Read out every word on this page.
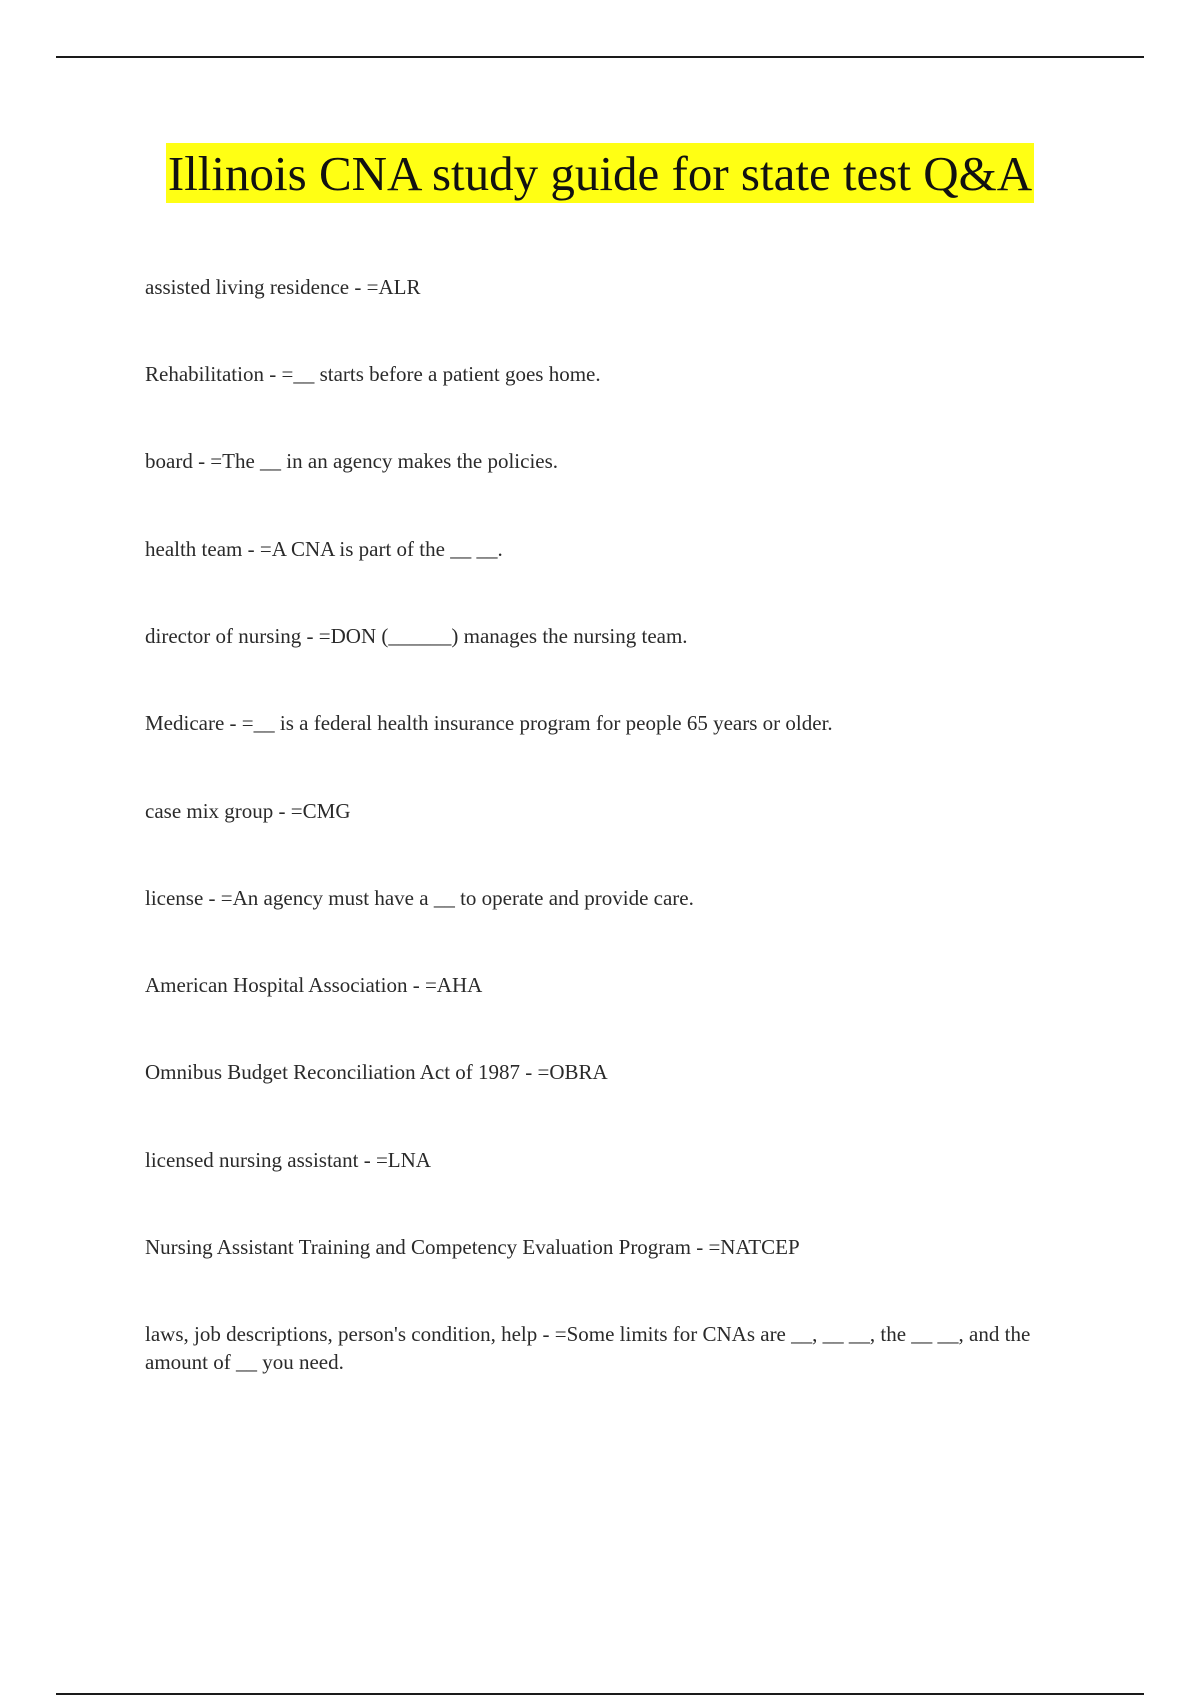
Illinois CNA study guide for state test Q&A
assisted living residence - =ALR
Rehabilitation - =__ starts before a patient goes home.
board - =The __ in an agency makes the policies.
health team - =A CNA is part of the __ __.
director of nursing - =DON (______) manages the nursing team.
Medicare - =__ is a federal health insurance program for people 65 years or older.
case mix group - =CMG
license - =An agency must have a __ to operate and provide care.
American Hospital Association - =AHA
Omnibus Budget Reconciliation Act of 1987 - =OBRA
licensed nursing assistant - =LNA
Nursing Assistant Training and Competency Evaluation Program - =NATCEP
laws, job descriptions, person's condition, help - =Some limits for CNAs are __, __ __, the __ __, and the amount of __ you need.
